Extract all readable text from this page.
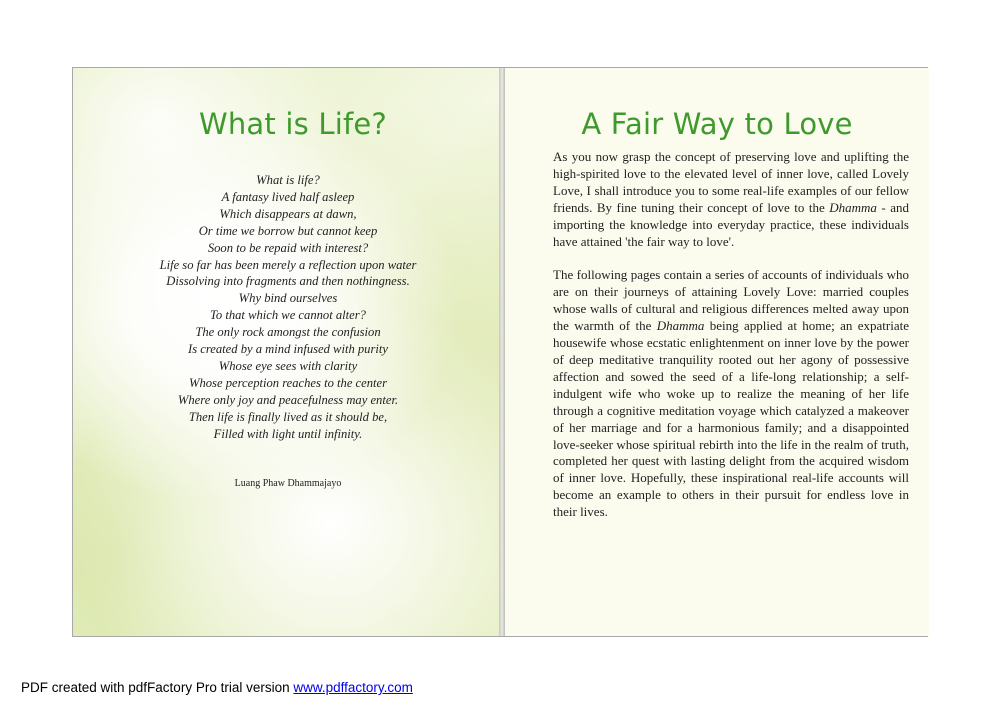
What is Life?
What is life?
A fantasy lived half asleep
Which disappears at dawn,
Or time we borrow but cannot keep
Soon to be repaid with interest?
Life so far has been merely a reflection upon water
Dissolving into fragments and then nothingness.
Why bind ourselves
To that which we cannot alter?
The only rock amongst the confusion
Is created by a mind infused with purity
Whose eye sees with clarity
Whose perception reaches to the center
Where only joy and peacefulness may enter.
Then life is finally lived as it should be,
Filled with light until infinity.
Luang Phaw Dhammajayo
A Fair Way to Love

As you now grasp the concept of preserving love and uplifting the high-spirited love to the elevated level of inner love, called Lovely Love, I shall introduce you to some real-life examples of our fellow friends. By fine tuning their concept of love to the Dhamma - and importing the knowledge into everyday practice, these individuals have attained 'the fair way to love'.

The following pages contain a series of accounts of individuals who are on their journeys of attaining Lovely Love: married couples whose walls of cultural and religious differences melted away upon the warmth of the Dhamma being applied at home; an expatriate housewife whose ecstatic enlightenment on inner love by the power of deep meditative tranquility rooted out her agony of possessive affection and sowed the seed of a life-long relationship; a self-indulgent wife who woke up to realize the meaning of her life through a cognitive meditation voyage which catalyzed a makeover of her marriage and for a harmonious family; and a disappointed love-seeker whose spiritual rebirth into the life in the realm of truth, completed her quest with lasting delight from the acquired wisdom of inner love. Hopefully, these inspirational real-life accounts will become an example to others in their pursuit for endless love in their lives.

PDF created with pdfFactory Pro trial version www.pdffactory.com
